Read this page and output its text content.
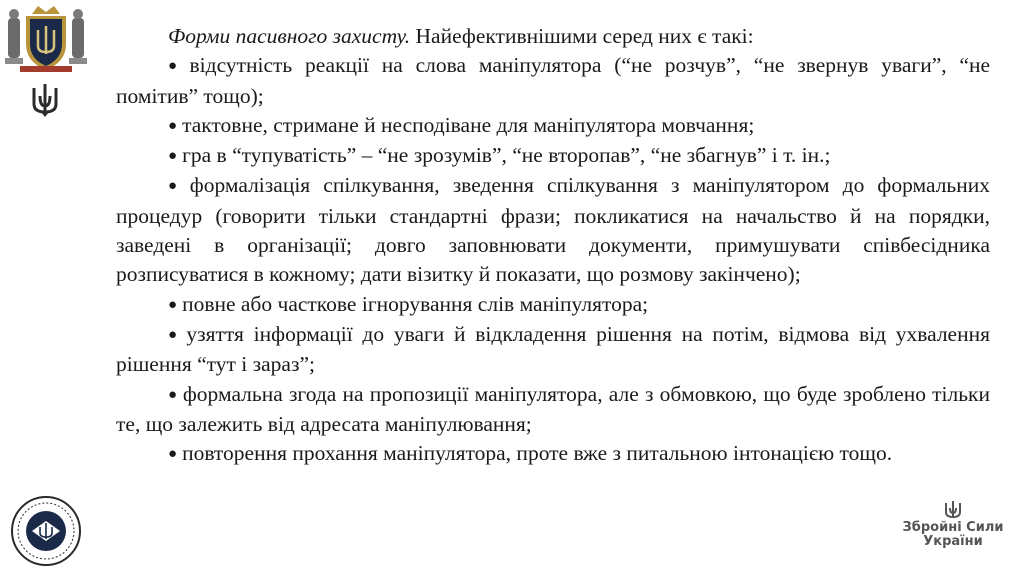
Форми пасивного захисту. Найефективнішими серед них є такі:

● відсутність реакції на слова маніпулятора (“не розчув”, “не звернув уваги”, “не помітив” тощо);

● тактовне, стримане й несподіване для маніпулятора мовчання;

● гра в “тупуватість” – “не зрозумів”, “не второпав”, “не збагнув” і т. ін.;

● формалізація спілкування, зведення спілкування з маніпулятором до формальних процедур (говорити тільки стандартні фрази; покликатися на начальство й на порядки, заведені в організації; довго заповнювати документи, примушувати співбесідника розписуватися в кожному; дати візитку й показати, що розмову закінчено);

● повне або часткове ігнорування слів маніпулятора;

● узяття інформації до уваги й відкладення рішення на потім, відмова від ухвалення рішення “тут і зараз”;

● формальна згода на пропозиції маніпулятора, але з обмовкою, що буде зроблено тільки те, що залежить від адресата маніпулювання;

● повторення прохання маніпулятора, проте вже з питальною інтонацією тощо.

Збройні Сили
України
